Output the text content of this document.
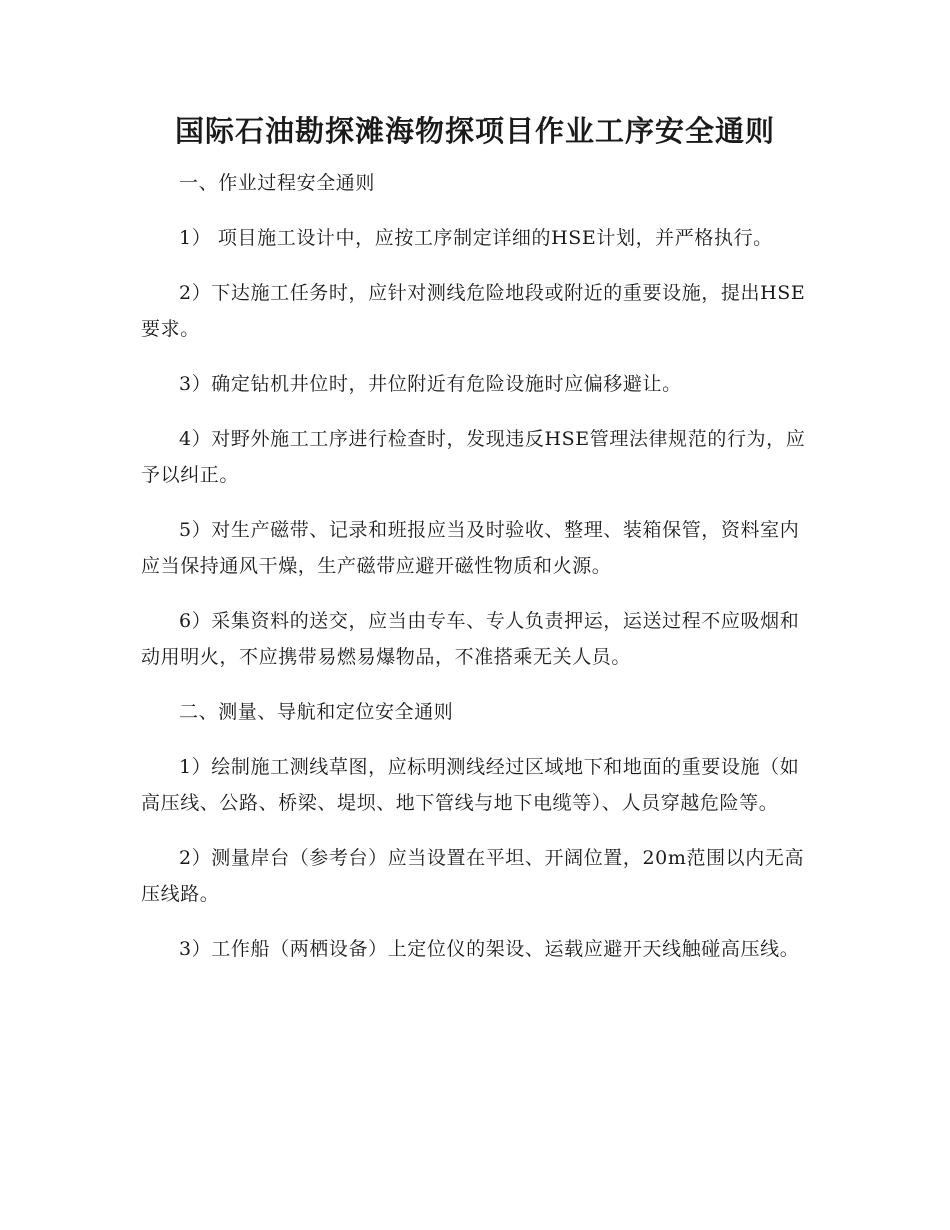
国际石油勘探滩海物探项目作业工序安全通则

一、作业过程安全通则

1） 项目施工设计中，应按工序制定详细的HSE计划，并严格执行。

2）下达施工任务时，应针对测线危险地段或附近的重要设施，提出HSE要求。

3）确定钻机井位时，井位附近有危险设施时应偏移避让。

4）对野外施工工序进行检查时，发现违反HSE管理法律规范的行为，应予以纠正。

5）对生产磁带、记录和班报应当及时验收、整理、装箱保管，资料室内应当保持通风干燥，生产磁带应避开磁性物质和火源。

6）采集资料的送交，应当由专车、专人负责押运，运送过程不应吸烟和动用明火，不应携带易燃易爆物品，不准搭乘无关人员。

二、测量、导航和定位安全通则

1）绘制施工测线草图，应标明测线经过区域地下和地面的重要设施（如高压线、公路、桥梁、堤坝、地下管线与地下电缆等）、人员穿越危险等。

2）测量岸台（参考台）应当设置在平坦、开阔位置，20m范围以内无高压线路。

3）工作船（两栖设备）上定位仪的架设、运载应避开天线触碰高压线。
